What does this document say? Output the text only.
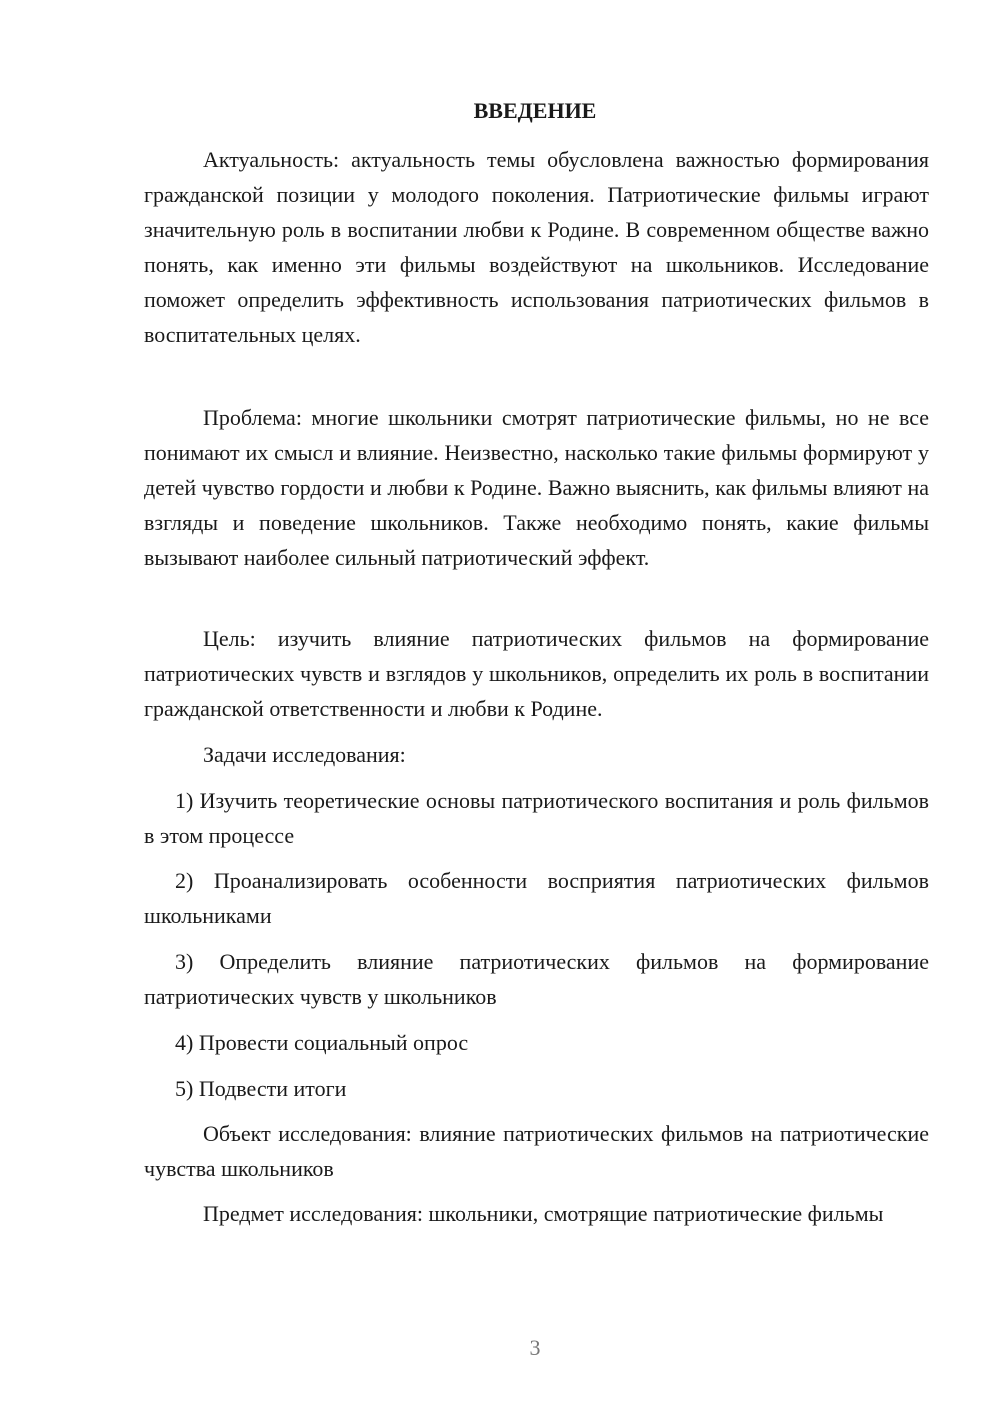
ВВЕДЕНИЕ

Актуальность: актуальность темы обусловлена важностью формирования гражданской позиции у молодого поколения. Патриотические фильмы играют значительную роль в воспитании любви к Родине. В современном обществе важно понять, как именно эти фильмы воздействуют на школьников. Исследование поможет определить эффективность использования патриотических фильмов в воспитательных целях.

Проблема: многие школьники смотрят патриотические фильмы, но не все понимают их смысл и влияние. Неизвестно, насколько такие фильмы формируют у детей чувство гордости и любви к Родине. Важно выяснить, как фильмы влияют на взгляды и поведение школьников. Также необходимо понять, какие фильмы вызывают наиболее сильный патриотический эффект.

Цель: изучить влияние патриотических фильмов на формирование патриотических чувств и взглядов у школьников, определить их роль в воспитании гражданской ответственности и любви к Родине.

Задачи исследования:

1) Изучить теоретические основы патриотического воспитания и роль фильмов в этом процессе

2) Проанализировать особенности восприятия патриотических фильмов школьниками

3) Определить влияние патриотических фильмов на формирование патриотических чувств у школьников

4) Провести социальный опрос

5) Подвести итоги

Объект исследования: влияние патриотических фильмов на патриотические чувства школьников

Предмет исследования: школьники, смотрящие патриотические фильмы

3
